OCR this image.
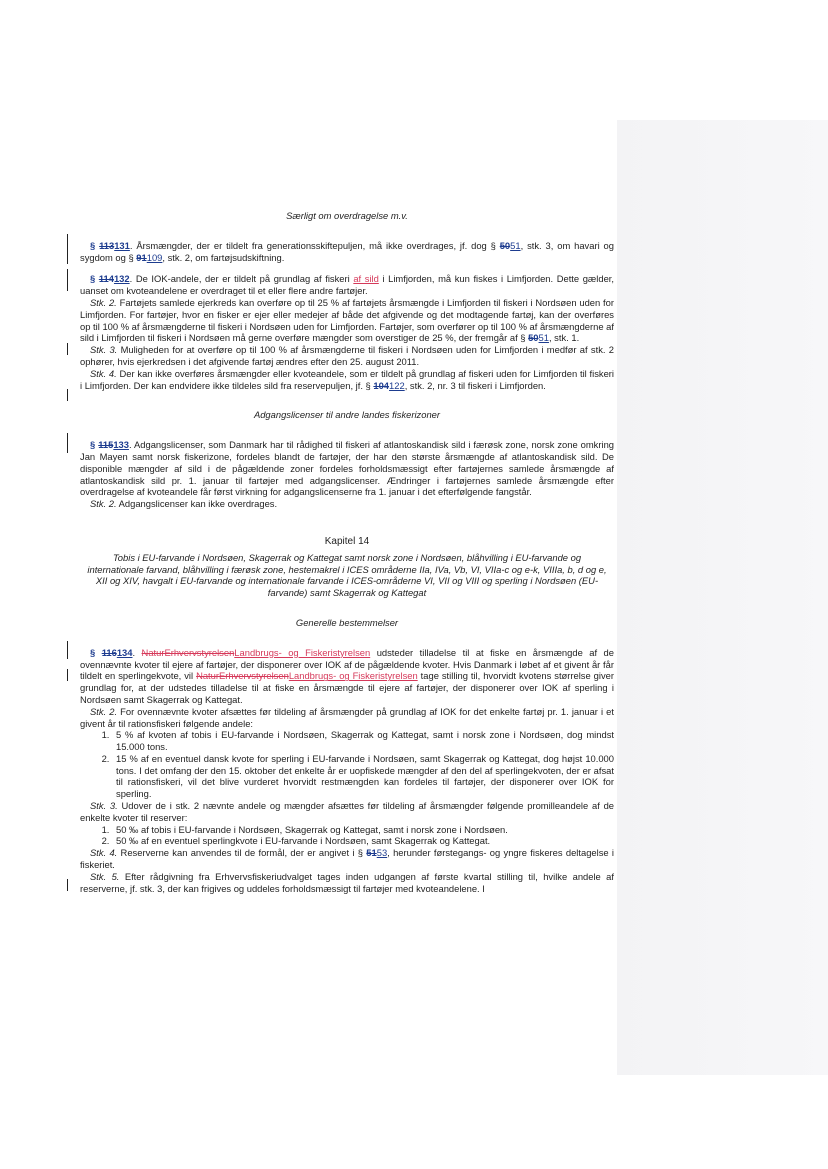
Særligt om overdragelse m.v.

§ 113131. Årsmængder, der er tildelt fra generationsskiftepuljen, må ikke overdrages, jf. dog § 5051, stk. 3, om havari og sygdom og § 91109, stk. 2, om fartøjsudskiftning.

§ 114132. De IOK-andele, der er tildelt på grundlag af fiskeri af sild i Limfjorden, må kun fiskes i Limfjorden. Dette gælder, uanset om kvoteandelene er overdraget til et eller flere andre fartøjer.

Stk. 2. Fartøjets samlede ejerkreds kan overføre op til 25 % af fartøjets årsmængde i Limfjorden til fiskeri i Nordsøen uden for Limfjorden. For fartøjer, hvor en fisker er ejer eller medejer af både det afgivende og det modtagende fartøj, kan der overføres op til 100 % af årsmængderne til fiskeri i Nordsøen uden for Limfjorden. Fartøjer, som overfører op til 100 % af årsmængderne af sild i Limfjorden til fiskeri i Nordsøen må gerne overføre mængder som overstiger de 25 %, der fremgår af § 5051, stk. 1.

Stk. 3. Muligheden for at overføre op til 100 % af årsmængderne til fiskeri i Nordsøen uden for Limfjorden i medfør af stk. 2 ophører, hvis ejerkredsen i det afgivende fartøj ændres efter den 25. august 2011.

Stk. 4. Der kan ikke overføres årsmængder eller kvoteandele, som er tildelt på grundlag af fiskeri uden for Limfjorden til fiskeri i Limfjorden. Der kan endvidere ikke tildeles sild fra reservepuljen, jf. § 104122, stk. 2, nr. 3 til fiskeri i Limfjorden.

Adgangslicenser til andre landes fiskerizoner

§ 115133. Adgangslicenser, som Danmark har til rådighed til fiskeri af atlantoskandisk sild i færøsk zone, norsk zone omkring Jan Mayen samt norsk fiskerizone, fordeles blandt de fartøjer, der har den største årsmængde af atlantoskandisk sild. De disponible mængder af sild i de pågældende zoner fordeles forholdsmæssigt efter fartøjernes samlede årsmængde af atlantoskandisk sild pr. 1. januar til fartøjer med adgangslicenser. Ændringer i fartøjernes samlede årsmængde efter overdragelse af kvoteandele får først virkning for adgangslicenserne fra 1. januar i det efterfølgende fangstår.

Stk. 2. Adgangslicenser kan ikke overdrages.

Kapitel 14

Tobis i EU-farvande i Nordsøen, Skagerrak og Kattegat samt norsk zone i Nordsøen, blåhvilling i EU-farvande og internationale farvand, blåhvilling i færøsk zone, hestemakrel i ICES områderne IIa, IVa, Vb, VI, VIIa-c og e-k, VIIIa, b, d og e, XII og XIV, havgalt i EU-farvande og internationale farvande i ICES-områderne VI, VII og VIII og sperling i Nordsøen (EU-farvande) samt Skagerrak og Kattegat

Generelle bestemmelser

§ 116134. NaturErhvervstyrelsenLandbrugs- og Fiskeristyrelsen udsteder tilladelse til at fiske en årsmængde af de ovennævnte kvoter til ejere af fartøjer, der disponerer over IOK af de pågældende kvoter. Hvis Danmark i løbet af et givent år får tildelt en sperlingekvote, vil NaturErhvervstyrelsenLandbrugs- og Fiskeristyrelsen tage stilling til, hvorvidt kvotens størrelse giver grundlag for, at der udstedes tilladelse til at fiske en årsmængde til ejere af fartøjer, der disponerer over IOK af sperling i Nordsøen samt Skagerrak og Kattegat.

Stk. 2. For ovennævnte kvoter afsættes før tildeling af årsmængder på grundlag af IOK for det enkelte fartøj pr. 1. januar i et givent år til rationsfiskeri følgende andele:

1. 5 % af kvoten af tobis i EU-farvande i Nordsøen, Skagerrak og Kattegat, samt i norsk zone i Nordsøen, dog mindst 15.000 tons.
2. 15 % af en eventuel dansk kvote for sperling i EU-farvande i Nordsøen, samt Skagerrak og Kattegat, dog højst 10.000 tons. I det omfang der den 15. oktober det enkelte år er uopfiskede mængder af den del af sperlingekvoten, der er afsat til rationsfiskeri, vil det blive vurderet hvorvidt restmængden kan fordeles til fartøjer, der disponerer over IOK for sperling.

Stk. 3. Udover de i stk. 2 nævnte andele og mængder afsættes før tildeling af årsmængder følgende promilleandele af de enkelte kvoter til reserver:

1. 50 ‰ af tobis i EU-farvande i Nordsøen, Skagerrak og Kattegat, samt i norsk zone i Nordsøen.
2. 50 ‰ af en eventuel sperlingkvote i EU-farvande i Nordsøen, samt Skagerrak og Kattegat.

Stk. 4. Reserverne kan anvendes til de formål, der er angivet i § 5153, herunder førstegangs- og yngre fiskeres deltagelse i fiskeriet.

Stk. 5. Efter rådgivning fra Erhvervsfiskeriudvalget tages inden udgangen af første kvartal stilling til, hvilke andele af reserverne, jf. stk. 3, der kan frigives og uddeles forholdsmæssigt til fartøjer med kvoteandelene. I
